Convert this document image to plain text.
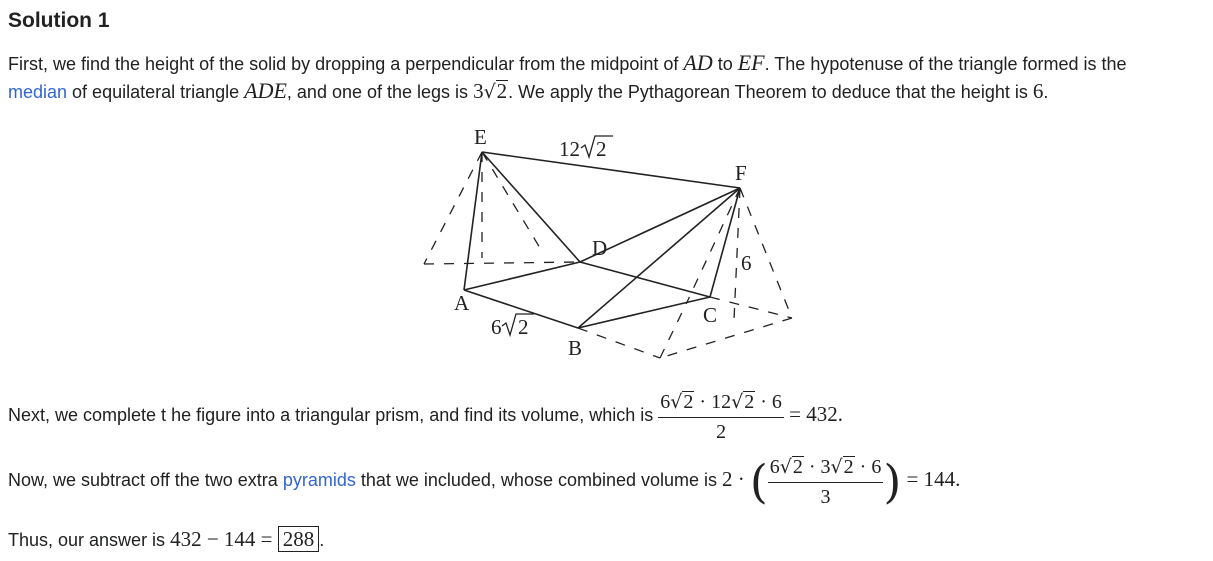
Solution 1
First, we find the height of the solid by dropping a perpendicular from the midpoint of AD to EF. The hypotenuse of the triangle formed is the
median of equilateral triangle ADE, and one of the legs is 3√2. We apply the Pythagorean Theorem to deduce that the height is 6.
E
F
D
A
B
C
6
12 2
6 2
Next, we complete t he figure into a triangular prism, and find its volume, which is $\frac{6√2 \cdot 12√2 \cdot 6}{2} = 432$.
Now, we subtract off the two extra pyramids that we included, whose combined volume is 2 · ( $\frac{6√2 \cdot 3√2 \cdot 6}{3}$ ) = 144.
Thus, our answer is 432 − 144 = 288 .
